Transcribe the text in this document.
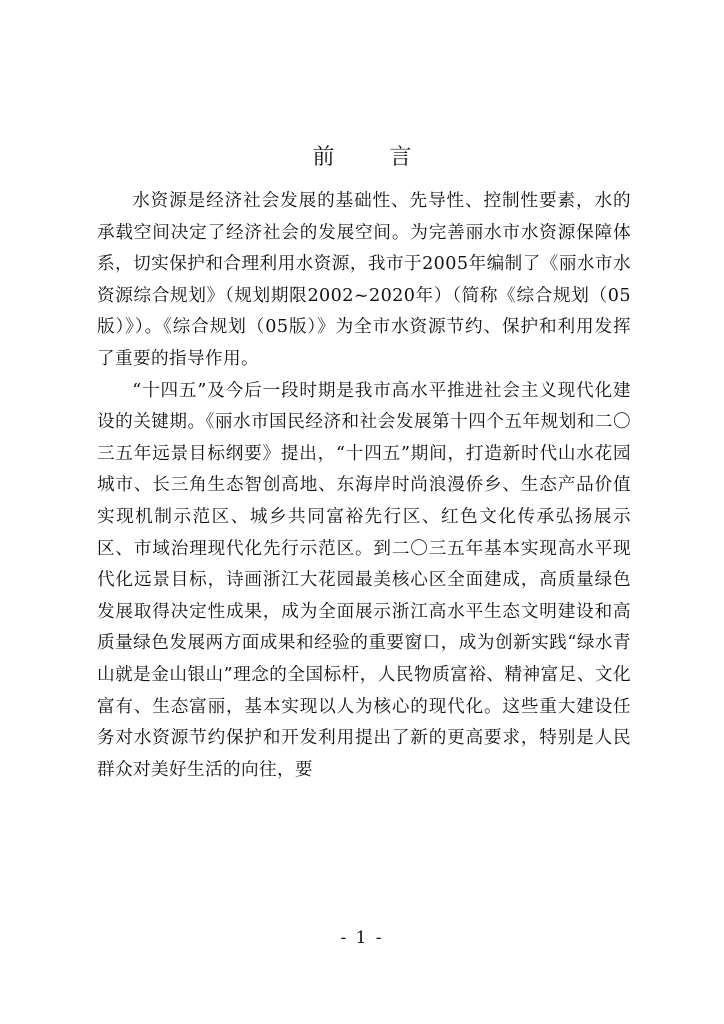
前 言

水资源是经济社会发展的基础性、先导性、控制性要素，水的承载空间决定了经济社会的发展空间。为完善丽水市水资源保障体系，切实保护和合理利用水资源，我市于2005年编制了《丽水市水资源综合规划》（规划期限2002~2020年）（简称《综合规划（05版）》）。《综合规划（05版）》为全市水资源节约、保护和利用发挥了重要的指导作用。

“十四五”及今后一段时期是我市高水平推进社会主义现代化建设的关键期。《丽水市国民经济和社会发展第十四个五年规划和二〇三五年远景目标纲要》提出，“十四五”期间，打造新时代山水花园城市、长三角生态智创高地、东海岸时尚浪漫侨乡、生态产品价值实现机制示范区、城乡共同富裕先行区、红色文化传承弘扬展示区、市域治理现代化先行示范区。到二〇三五年基本实现高水平现代化远景目标，诗画浙江大花园最美核心区全面建成，高质量绿色发展取得决定性成果，成为全面展示浙江高水平生态文明建设和高质量绿色发展两方面成果和经验的重要窗口，成为创新实践“绿水青山就是金山银山”理念的全国标杆，人民物质富裕、精神富足、文化富有、生态富丽，基本实现以人为核心的现代化。这些重大建设任务对水资源节约保护和开发利用提出了新的更高要求，特别是人民群众对美好生活的向往，要

- 1 -
